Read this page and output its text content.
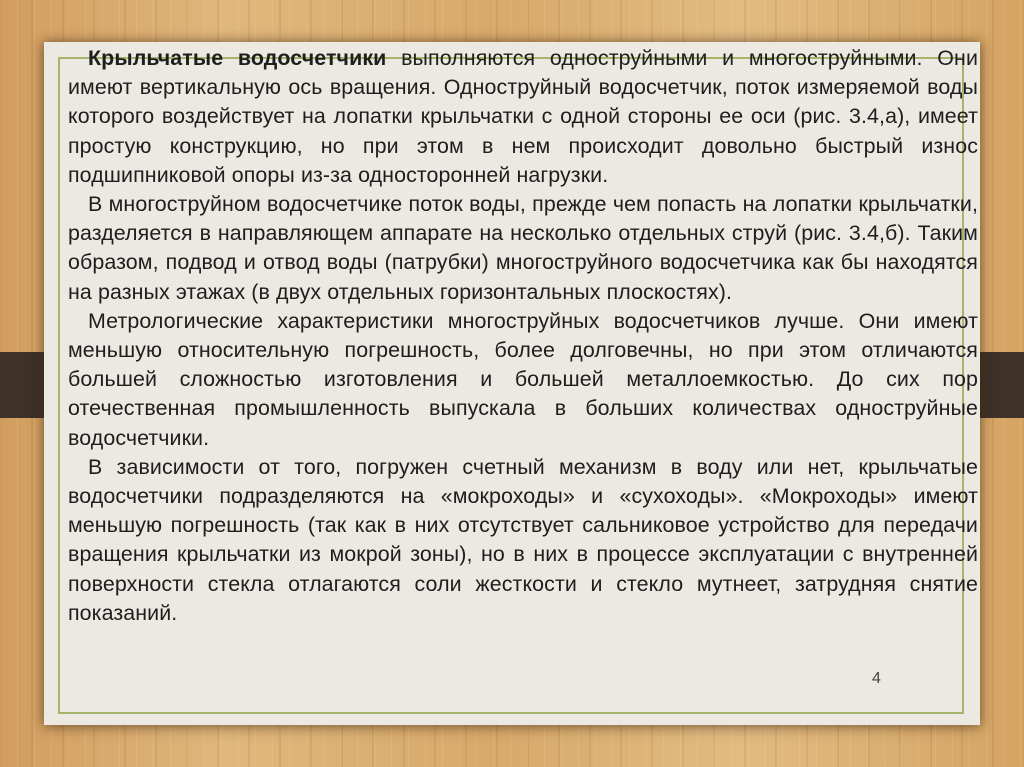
Крыльчатые водосчетчики выполняются одноструйными и многоструйными. Они имеют вертикальную ось вращения. Одноструйный водосчетчик, поток измеряемой воды которого воздействует на лопатки крыльчатки с одной стороны ее оси (рис. 3.4,а), имеет простую конструкцию, но при этом в нем происходит довольно быстрый износ подшипниковой опоры из-за односторонней нагрузки.

В многоструйном водосчетчике поток воды, прежде чем попасть на лопатки крыльчатки, разделяется в направляющем аппарате на несколько отдельных струй (рис. 3.4,б). Таким образом, подвод и отвод воды (патрубки) многоструйного водосчетчика как бы находятся на разных этажах (в двух отдельных горизонтальных плоскостях).

Метрологические характеристики многоструйных водосчетчиков лучше. Они имеют меньшую относительную погрешность, более долговечны, но при этом отличаются большей сложностью изготовления и большей металлоемкостью. До сих пор отечественная промышленность выпускала в больших количествах одноструйные водосчетчики.

В зависимости от того, погружен счетный механизм в воду или нет, крыльчатые водосчетчики подразделяются на «мокроходы» и «сухоходы». «Мокроходы» имеют меньшую погрешность (так как в них отсутствует сальниковое устройство для передачи вращения крыльчатки из мокрой зоны), но в них в процессе эксплуатации с внутренней поверхности стекла отлагаются соли жесткости и стекло мутнеет, затрудняя снятие показаний.

4
